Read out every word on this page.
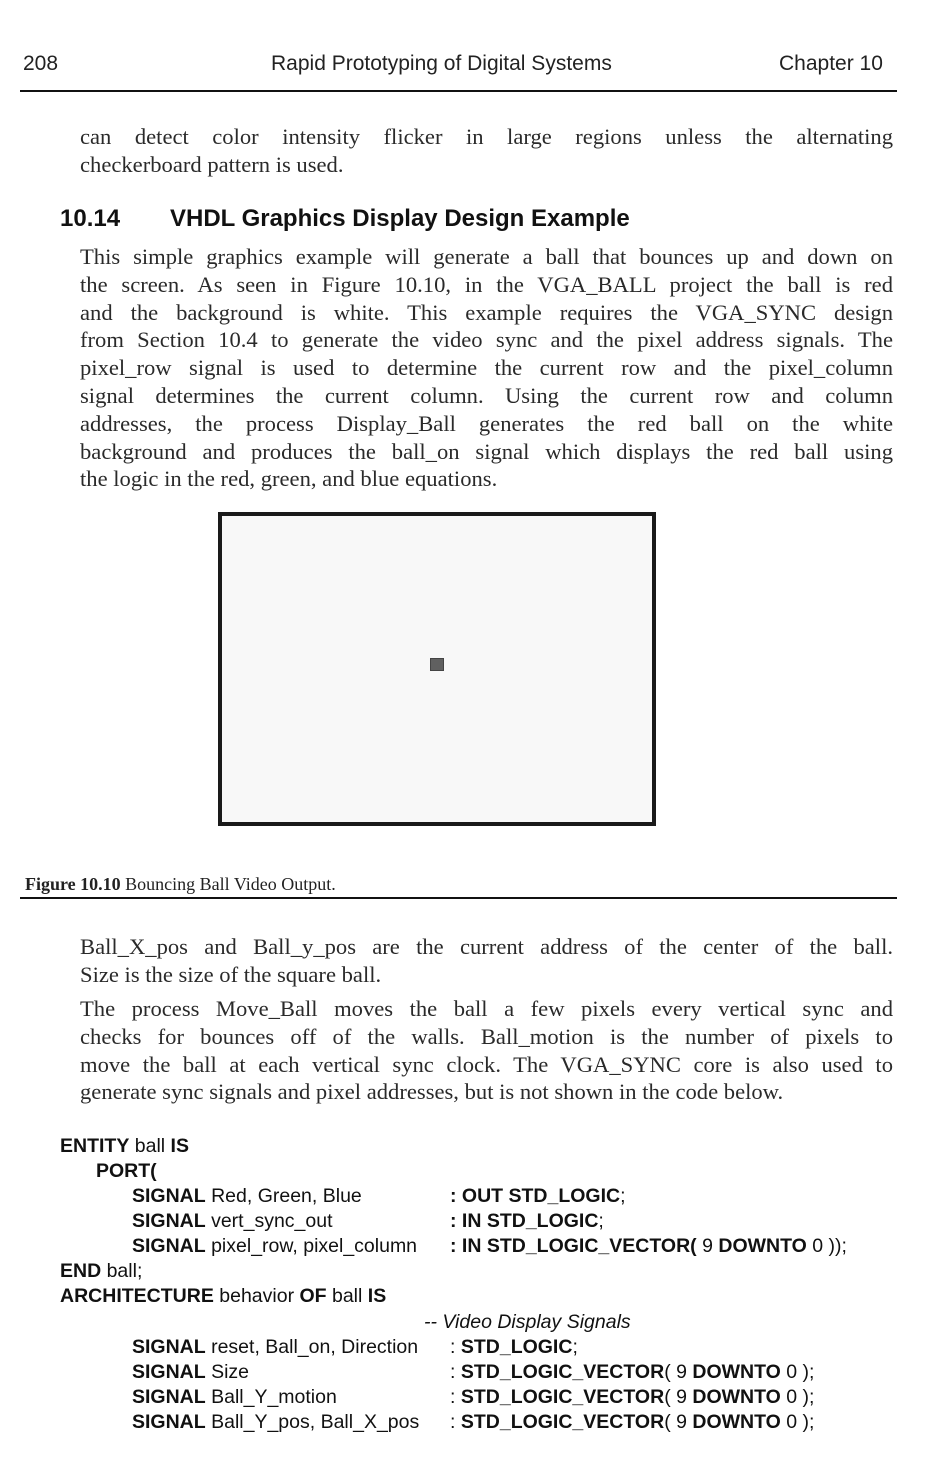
208	Rapid Prototyping of Digital Systems	Chapter 10
can detect color intensity flicker in large regions unless the alternating
checkerboard pattern is used.
10.14 VHDL Graphics Display Design Example
This simple graphics example will generate a ball that bounces up and down on
the screen. As seen in Figure 10.10, in the VGA_BALL project the ball is red
and the background is white. This example requires the VGA_SYNC design
from Section 10.4 to generate the video sync and the pixel address signals. The
pixel_row signal is used to determine the current row and the pixel_column
signal determines the current column. Using the current row and column
addresses, the process Display_Ball generates the red ball on the white
background and produces the ball_on signal which displays the red ball using
the logic in the red, green, and blue equations.
Figure 10.10 Bouncing Ball Video Output.
Ball_X_pos and Ball_y_pos are the current address of the center of the ball.
Size is the size of the square ball.
The process Move_Ball moves the ball a few pixels every vertical sync and
checks for bounces off of the walls. Ball_motion is the number of pixels to
move the ball at each vertical sync clock. The VGA_SYNC core is also used to
generate sync signals and pixel addresses, but is not shown in the code below.
ENTITY ball IS
PORT(
SIGNAL Red, Green, Blue	: OUT STD_LOGIC;
SIGNAL vert_sync_out	: IN STD_LOGIC;
SIGNAL pixel_row, pixel_column : IN STD_LOGIC_VECTOR( 9 DOWNTO 0 ));
END ball;
ARCHITECTURE behavior OF ball IS
-- Video Display Signals
SIGNAL reset, Ball_on, Direction : STD_LOGIC;
SIGNAL Size	: STD_LOGIC_VECTOR( 9 DOWNTO 0 );
SIGNAL Ball_Y_motion	: STD_LOGIC_VECTOR( 9 DOWNTO 0 );
SIGNAL Ball_Y_pos, Ball_X_pos : STD_LOGIC_VECTOR( 9 DOWNTO 0 );
